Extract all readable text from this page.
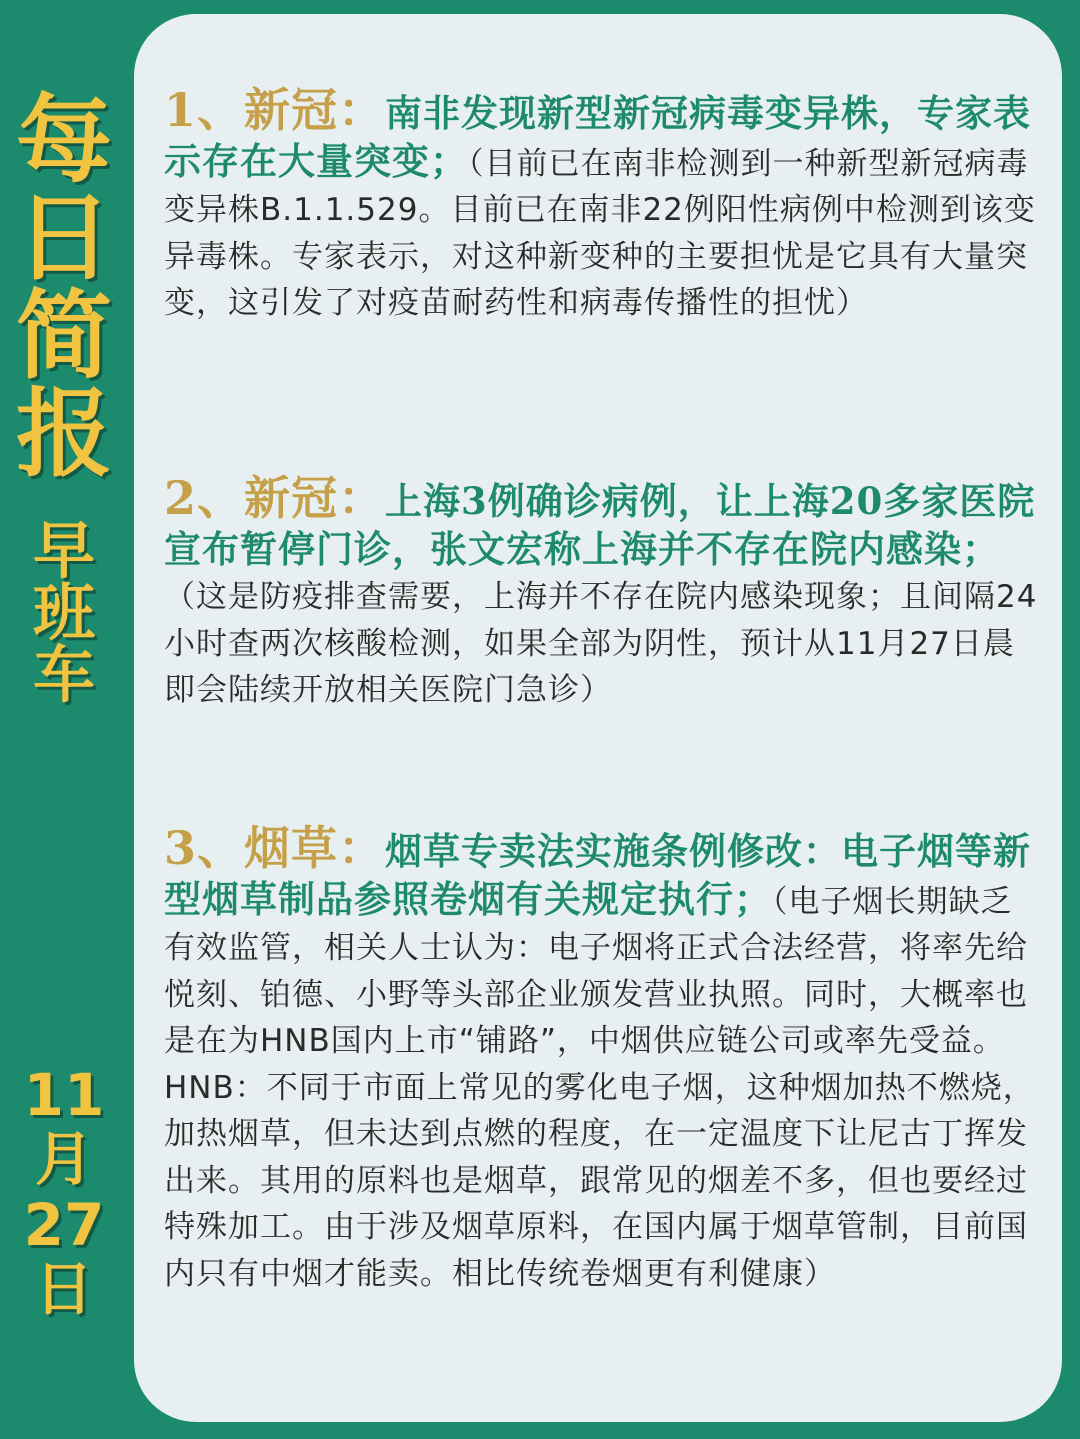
每
日
简
报
早
班
车
11
月
27
日

1、新冠：南非发现新型新冠病毒变异株，专家表示存在大量突变；（目前已在南非检测到一种新型新冠病毒变异株B.1.1.529。目前已在南非22例阳性病例中检测到该变异毒株。专家表示，对这种新变种的主要担忧是它具有大量突变，这引发了对疫苗耐药性和病毒传播性的担忧）

2、新冠：上海3例确诊病例，让上海20多家医院宣布暂停门诊，张文宏称上海并不存在院内感染；（这是防疫排查需要，上海并不存在院内感染现象；且间隔24小时查两次核酸检测，如果全部为阴性，预计从11月27日晨即会陆续开放相关医院门急诊）

3、烟草：烟草专卖法实施条例修改：电子烟等新型烟草制品参照卷烟有关规定执行；（电子烟长期缺乏有效监管，相关人士认为：电子烟将正式合法经营，将率先给悦刻、铂德、小野等头部企业颁发营业执照。同时，大概率也是在为HNB国内上市“铺路”，中烟供应链公司或率先受益。HNB：不同于市面上常见的雾化电子烟，这种烟加热不燃烧，加热烟草，但未达到点燃的程度，在一定温度下让尼古丁挥发出来。其用的原料也是烟草，跟常见的烟差不多，但也要经过特殊加工。由于涉及烟草原料，在国内属于烟草管制，目前国内只有中烟才能卖。相比传统卷烟更有利健康）
